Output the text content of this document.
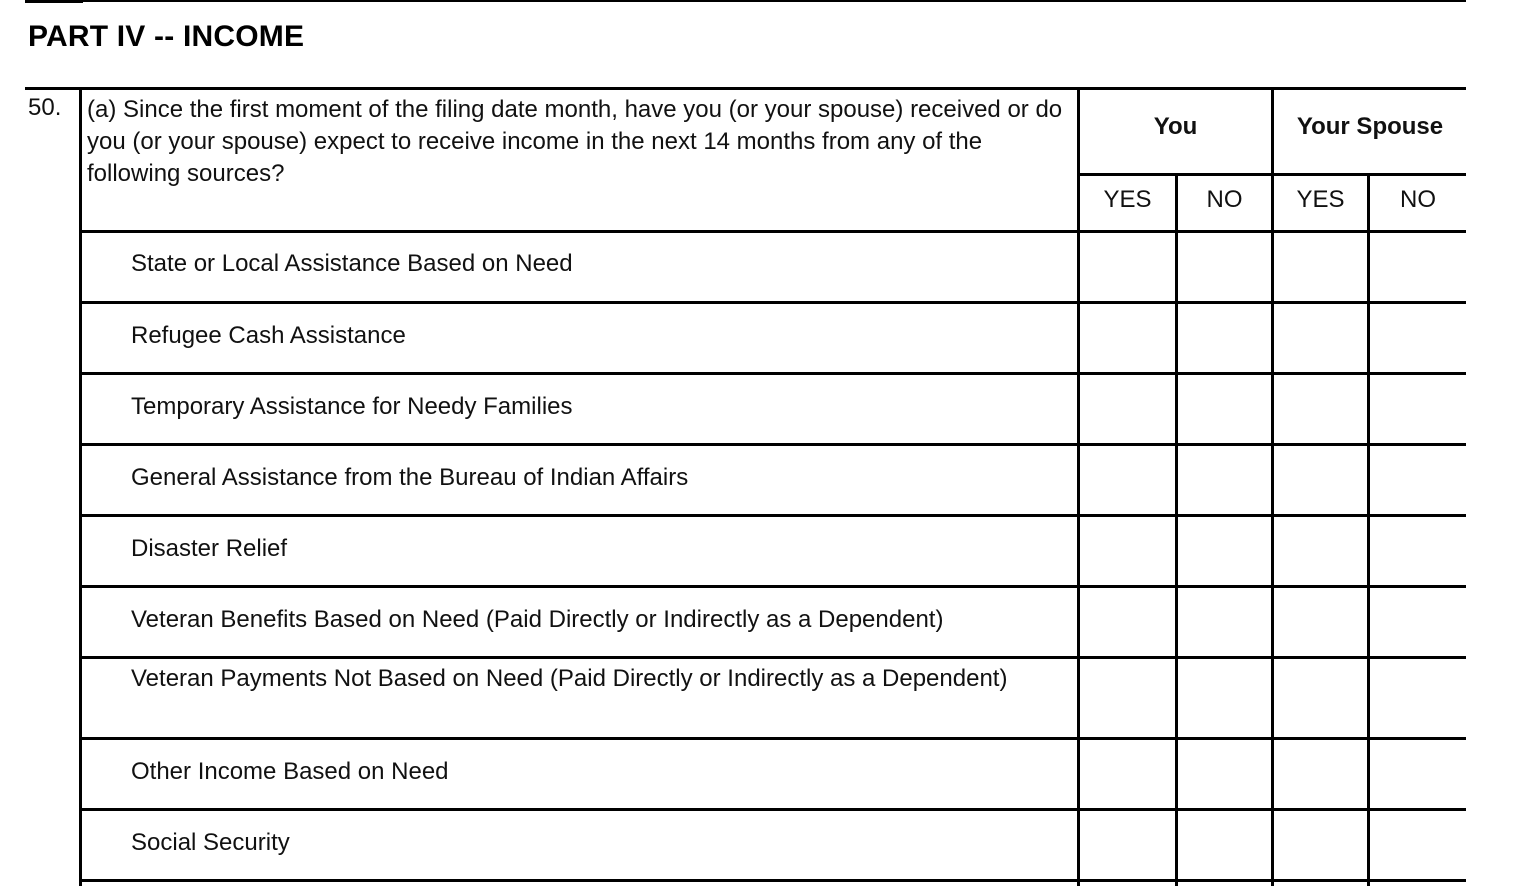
PART IV -- INCOME
50. (a) Since the first moment of the filing date month, have you (or your spouse) received or do you (or your spouse) expect to receive income in the next 14 months from any of the following sources?
You	Your Spouse
YES	NO	YES	NO
State or Local Assistance Based on Need
Refugee Cash Assistance
Temporary Assistance for Needy Families
General Assistance from the Bureau of Indian Affairs
Disaster Relief
Veteran Benefits Based on Need (Paid Directly or Indirectly as a Dependent)
Veteran Payments Not Based on Need (Paid Directly or Indirectly as a Dependent)
Other Income Based on Need
Social Security
